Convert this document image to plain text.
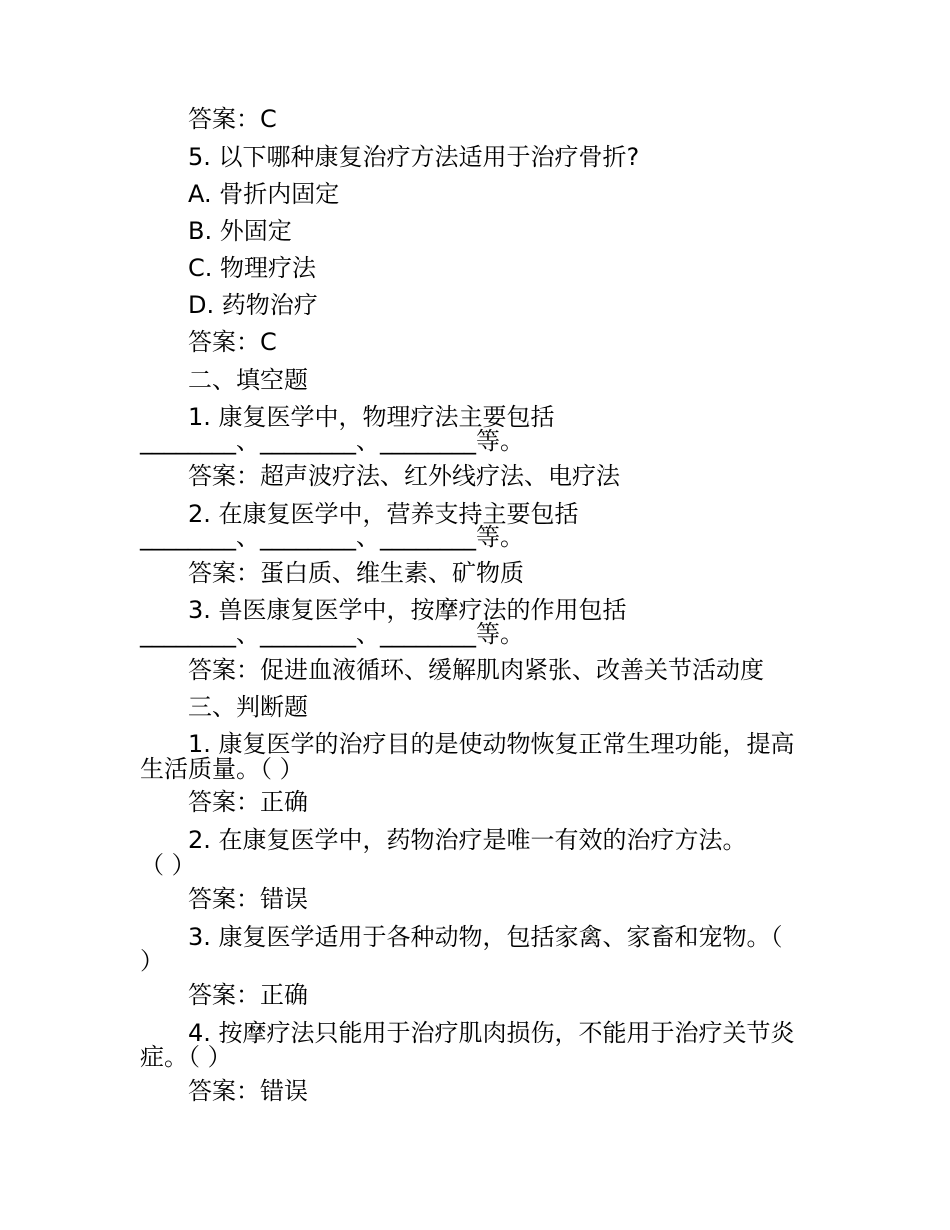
答案：C
5. 以下哪种康复治疗方法适用于治疗骨折?
A. 骨折内固定
B. 外固定
C. 物理疗法
D. 药物治疗
答案：C
二、填空题
1. 康复医学中，物理疗法主要包括
________、________、________等。
答案：超声波疗法、红外线疗法、电疗法
2. 在康复医学中，营养支持主要包括
________、________、________等。
答案：蛋白质、维生素、矿物质
3. 兽医康复医学中，按摩疗法的作用包括
________、________、________等。
答案：促进血液循环、缓解肌肉紧张、改善关节活动度
三、判断题
1. 康复医学的治疗目的是使动物恢复正常生理功能，提高
生活质量。（ ）
答案：正确
2. 在康复医学中，药物治疗是唯一有效的治疗方法。
（ ）
答案：错误
3. 康复医学适用于各种动物，包括家禽、家畜和宠物。（
）
答案：正确
4. 按摩疗法只能用于治疗肌肉损伤，不能用于治疗关节炎
症。（ ）
答案：错误
